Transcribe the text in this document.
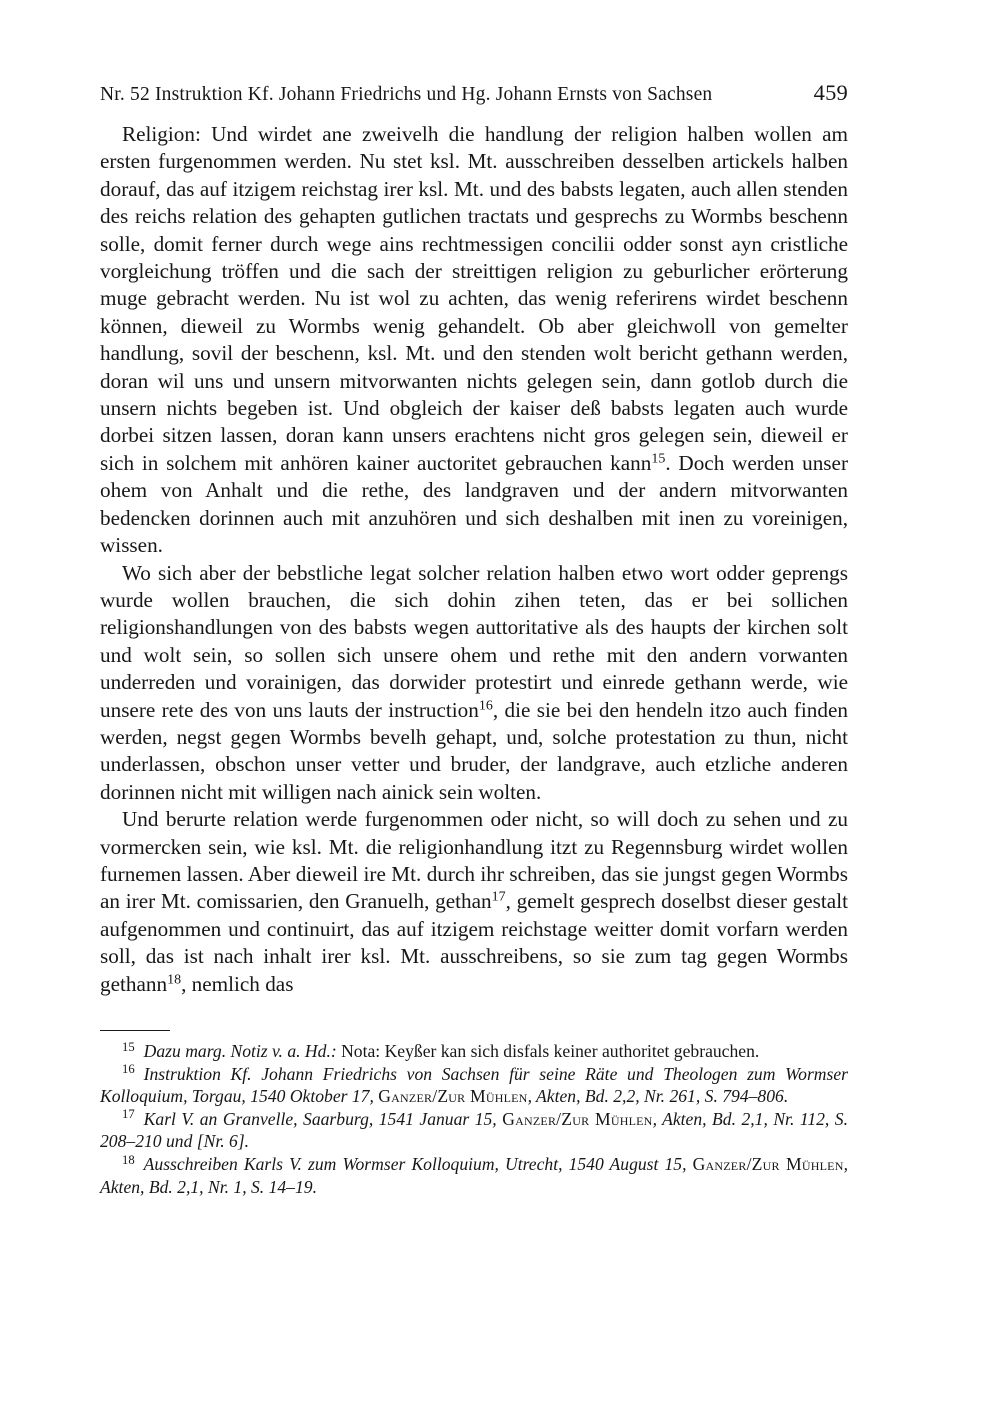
Nr. 52 Instruktion Kf. Johann Friedrichs und Hg. Johann Ernsts von Sachsen	459

Religion: Und wirdet ane zweivelh die handlung der religion halben wollen am ersten furgenommen werden. Nu stet ksl. Mt. ausschreiben desselben artickels halben dorauf, das auf itzigem reichstag irer ksl. Mt. und des babsts legaten, auch allen stenden des reichs relation des gehapten gutlichen tractats und gesprechs zu Wormbs beschenn solle, domit ferner durch wege ains rechtmessigen concilii odder sonst ayn cristliche vorgleichung tröffen und die sach der streittigen religion zu geburlicher erörterung muge gebracht werden. Nu ist wol zu achten, das wenig referirens wirdet beschenn können, dieweil zu Wormbs wenig gehandelt. Ob aber gleichwoll von gemelter handlung, sovil der beschenn, ksl. Mt. und den stenden wolt bericht gethann werden, doran wil uns und unsern mitvorwanten nichts gelegen sein, dann gotlob durch die unsern nichts begeben ist. Und obgleich der kaiser deß babsts legaten auch wurde dorbei sitzen lassen, doran kann unsers erachtens nicht gros gelegen sein, dieweil er sich in solchem mit anhören kainer auctoritet gebrauchen kann$^{15}$. Doch werden unser ohem von Anhalt und die rethe, des landgraven und der andern mitvorwanten bedencken dorinnen auch mit anzuhören und sich deshalben mit inen zu voreinigen, wissen.

Wo sich aber der bebstliche legat solcher relation halben etwo wort odder geprengs wurde wollen brauchen, die sich dohin zihen teten, das er bei sollichen religionshandlungen von des babsts wegen auttoritative als des haupts der kirchen solt und wolt sein, so sollen sich unsere ohem und rethe mit den andern vorwanten underreden und vorainigen, das dorwider protestirt und einrede gethann werde, wie unsere rete des von uns lauts der instruction$^{16}$, die sie bei den hendeln itzo auch finden werden, negst gegen Wormbs bevelh gehapt, und, solche protestation zu thun, nicht underlassen, obschon unser vetter und bruder, der landgrave, auch etzliche anderen dorinnen nicht mit willigen nach ainick sein wolten.

Und berurte relation werde furgenommen oder nicht, so will doch zu sehen und zu vormercken sein, wie ksl. Mt. die religionhandlung itzt zu Regennsburg wirdet wollen furnemen lassen. Aber dieweil ire Mt. durch ihr schreiben, das sie jungst gegen Wormbs an irer Mt. comissarien, den Granuelh, gethan$^{17}$, gemelt gesprech doselbst dieser gestalt aufgenommen und continuirt, das auf itzigem reichstage weitter domit vorfarn werden soll, das ist nach inhalt irer ksl. Mt. ausschreibens, so sie zum tag gegen Wormbs gethann$^{18}$, nemlich das

$^{15}$ Dazu marg. Notiz v. a. Hd.: Nota: Keyßer kan sich disfals keiner authoritet gebrauchen.

$^{16}$ Instruktion Kf. Johann Friedrichs von Sachsen für seine Räte und Theologen zum Wormser Kolloquium, Torgau, 1540 Oktober 17, Ganzer/Zur Mühlen, Akten, Bd. 2,2, Nr. 261, S. 794–806.

$^{17}$ Karl V. an Granvelle, Saarburg, 1541 Januar 15, Ganzer/Zur Mühlen, Akten, Bd. 2,1, Nr. 112, S. 208–210 und [Nr. 6].

$^{18}$ Ausschreiben Karls V. zum Wormser Kolloquium, Utrecht, 1540 August 15, Ganzer/Zur Mühlen, Akten, Bd. 2,1, Nr. 1, S. 14–19.
